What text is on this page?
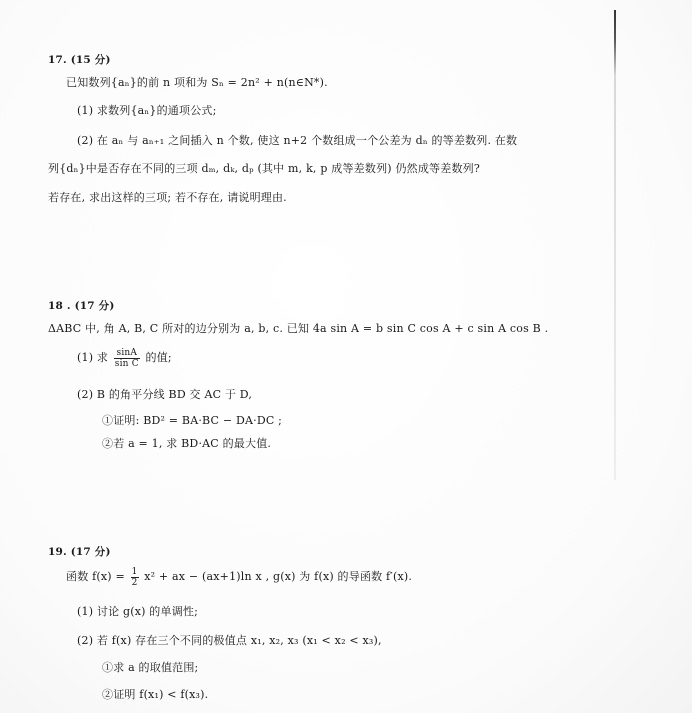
17. (15 分)
已知数列{aₙ}的前 n 项和为 Sₙ = 2n² + n(n∈N*).
(1) 求数列{aₙ}的通项公式;
(2) 在 aₙ 与 aₙ₊₁ 之间插入 n 个数, 使这 n+2 个数组成一个公差为 dₙ 的等差数列. 在数
列{dₙ}中是否存在不同的三项 dₘ, dₖ, dₚ (其中 m, k, p 成等差数列) 仍然成等差数列?
若存在, 求出这样的三项; 若不存在, 请说明理由.
18 . (17 分)
ΔABC 中, 角 A, B, C 所对的边分别为 a, b, c. 已知 4a sin A = b sin C cos A + c sin A cos B .
(1) 求 $\frac{\sin A}{\text{sin C}}$ 的值;
(2) B 的角平分线 BD 交 AC 于 D,
①证明: BD² = BA·BC − DA·DC ;
②若 a = 1, 求 BD·AC 的最大值.
19. (17 分)
函数 $f(x) = \frac{1}{2} x^2$ + ax − (ax+1)ln x , g(x) 为 f(x) 的导函数 f′(x).
(1) 讨论 g(x) 的单调性;
(2) 若 f(x) 存在三个不同的极值点 x₁, x₂, x₃ (x₁ < x₂ < x₃),
①求 a 的取值范围;
②证明 f(x₁) < f(x₃).
